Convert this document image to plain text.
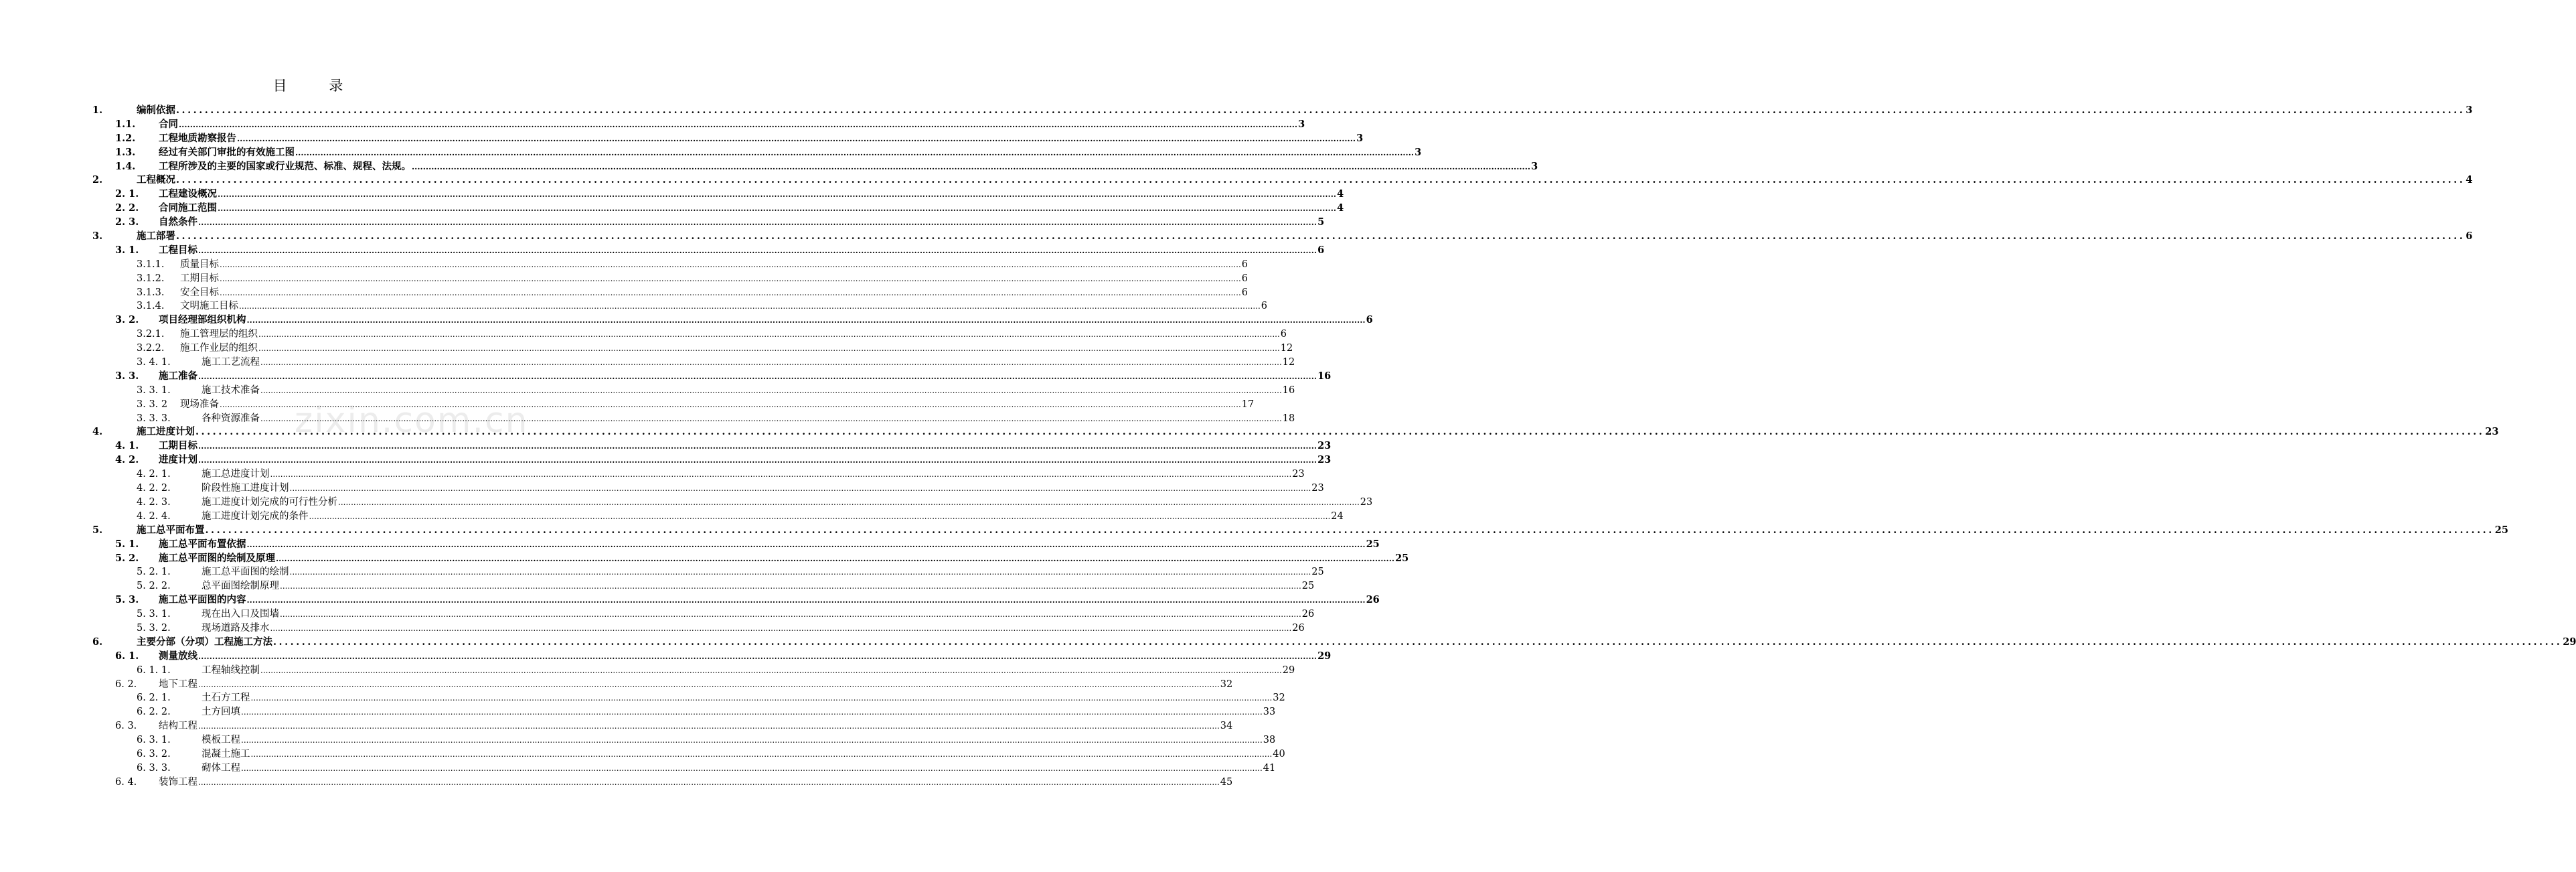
目 录
1.	编制依据 ................................................................................................................................................................................................................................................................................................................................................................................................................ 3
1.1. 合同 ................................................................................................................................................................................................................................................................................................................................................................................................................ 3
1.2. 工程地质勘察报告 ................................................................................................................................................................................................................................................................................................................................................................................................................ 3
1.3. 经过有关部门审批的有效施工图 ................................................................................................................................................................................................................................................................................................................................................................................................................ 3
1.4. 工程所涉及的主要的国家或行业规范、标准、规程、法规。 ................................................................................................................................................................................................................................................................................................................................................................................................................ 3
2.	工程概况 ................................................................................................................................................................................................................................................................................................................................................................................................................ 4
2. 1. 工程建设概况 ................................................................................................................................................................................................................................................................................................................................................................................................................ 4
2. 2. 合同施工范围 ................................................................................................................................................................................................................................................................................................................................................................................................................ 4
2. 3. 自然条件 ................................................................................................................................................................................................................................................................................................................................................................................................................ 5
3.	施工部署 ................................................................................................................................................................................................................................................................................................................................................................................................................ 6
3. 1. 工程目标 ................................................................................................................................................................................................................................................................................................................................................................................................................ 6
3.1.1. 质量目标 ................................................................................................................................................................................................................................................................................................................................................................................................................ 6
3.1.2. 工期目标 ................................................................................................................................................................................................................................................................................................................................................................................................................ 6
3.1.3. 安全目标 ................................................................................................................................................................................................................................................................................................................................................................................................................ 6
3.1.4. 文明施工目标 ................................................................................................................................................................................................................................................................................................................................................................................................................ 6
3. 2. 项目经理部组织机构 ................................................................................................................................................................................................................................................................................................................................................................................................................ 6
3.2.1. 施工管理层的组织 ................................................................................................................................................................................................................................................................................................................................................................................................................ 6
3.2.2. 施工作业层的组织 ................................................................................................................................................................................................................................................................................................................................................................................................................ 12
3. 4. 1.	施工工艺流程 ................................................................................................................................................................................................................................................................................................................................................................................................................ 12
3. 3. 施工准备 ................................................................................................................................................................................................................................................................................................................................................................................................................ 16
3. 3. 1.	施工技术准备 ................................................................................................................................................................................................................................................................................................................................................................................................................ 16
3. 3. 2 现场准备 ................................................................................................................................................................................................................................................................................................................................................................................................................ 17
3. 3. 3.	各种资源准备 ................................................................................................................................................................................................................................................................................................................................................................................................................ 18
4.	施工进度计划 ................................................................................................................................................................................................................................................................................................................................................................................................................ 23
4. 1. 工期目标 ................................................................................................................................................................................................................................................................................................................................................................................................................ 23
4. 2. 进度计划 ................................................................................................................................................................................................................................................................................................................................................................................................................ 23
4. 2. 1.	施工总进度计划 ................................................................................................................................................................................................................................................................................................................................................................................................................ 23
4. 2. 2.	阶段性施工进度计划 ................................................................................................................................................................................................................................................................................................................................................................................................................ 23
4. 2. 3.	施工进度计划完成的可行性分析 ................................................................................................................................................................................................................................................................................................................................................................................................................ 23
4. 2. 4.	施工进度计划完成的条件 ................................................................................................................................................................................................................................................................................................................................................................................................................ 24
5.	施工总平面布置 ................................................................................................................................................................................................................................................................................................................................................................................................................ 25
5. 1. 施工总平面布置依据 ................................................................................................................................................................................................................................................................................................................................................................................................................ 25
5. 2. 施工总平面图的绘制及原理 ................................................................................................................................................................................................................................................................................................................................................................................................................ 25
5. 2. 1.	施工总平面图的绘制 ................................................................................................................................................................................................................................................................................................................................................................................................................ 25
5. 2. 2.	总平面图绘制原理 ................................................................................................................................................................................................................................................................................................................................................................................................................ 25
5. 3. 施工总平面图的内容 ................................................................................................................................................................................................................................................................................................................................................................................................................ 26
5. 3. 1.	现在出入口及围墙 ................................................................................................................................................................................................................................................................................................................................................................................................................ 26
5. 3. 2.	现场道路及排水 ................................................................................................................................................................................................................................................................................................................................................................................................................ 26
6.	主要分部（分项）工程施工方法 ................................................................................................................................................................................................................................................................................................................................................................................................................ 29
6. 1. 测量放线 ................................................................................................................................................................................................................................................................................................................................................................................................................ 29
6. 1. 1.	工程轴线控制 ................................................................................................................................................................................................................................................................................................................................................................................................................ 29
6. 2. 地下工程 ................................................................................................................................................................................................................................................................................................................................................................................................................ 32
6. 2. 1.	土石方工程 ................................................................................................................................................................................................................................................................................................................................................................................................................ 32
6. 2. 2.	土方回填 ................................................................................................................................................................................................................................................................................................................................................................................................................ 33
6. 3. 结构工程 ................................................................................................................................................................................................................................................................................................................................................................................................................ 34
6. 3. 1.	模板工程 ................................................................................................................................................................................................................................................................................................................................................................................................................ 38
6. 3. 2.	混凝土施工 ................................................................................................................................................................................................................................................................................................................................................................................................................ 40
6. 3. 3.	砌体工程 ................................................................................................................................................................................................................................................................................................................................................................................................................ 41
6. 4. 装饰工程 ................................................................................................................................................................................................................................................................................................................................................................................................................ 45
zixin.com.cn
